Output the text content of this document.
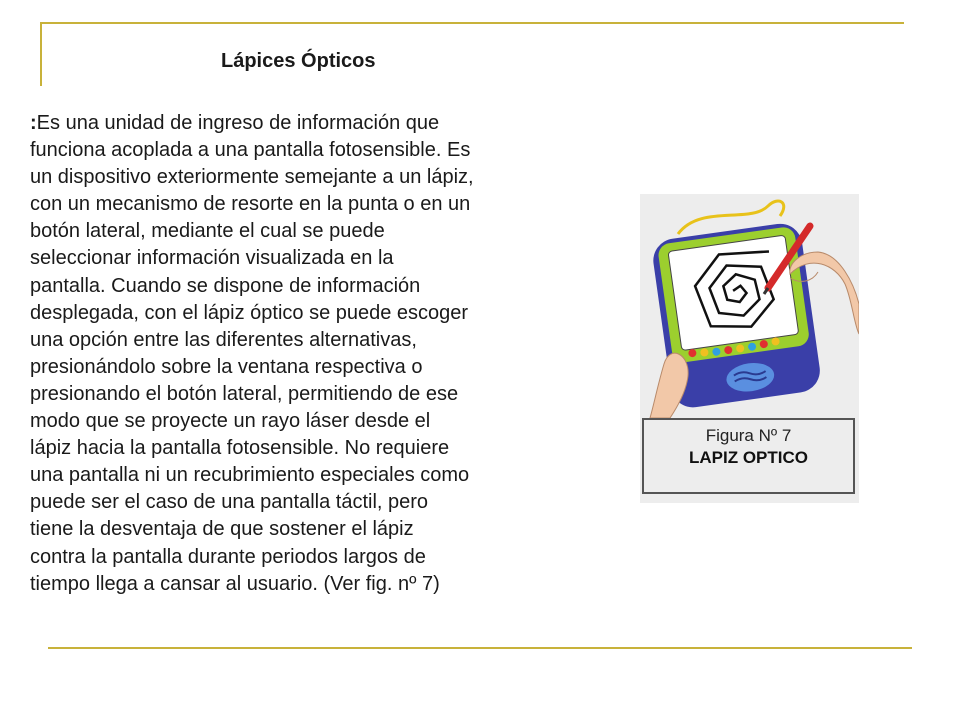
Lápices Ópticos

:Es una unidad de ingreso de información que
funciona acoplada a una pantalla fotosensible. Es
un dispositivo exteriormente semejante a un lápiz,
con un mecanismo de resorte en la punta o en un
botón lateral, mediante el cual se puede
seleccionar información visualizada en la
pantalla. Cuando se dispone de información
desplegada, con el lápiz óptico se puede escoger
una opción entre las diferentes alternativas,
presionándolo sobre la ventana respectiva o
presionando el botón lateral, permitiendo de ese
modo que se proyecte un rayo láser desde el
lápiz hacia la pantalla fotosensible. No requiere
una pantalla ni un recubrimiento especiales como
puede ser el caso de una pantalla táctil, pero
tiene la desventaja de que sostener el lápiz
contra la pantalla durante periodos largos de
tiempo llega a cansar al usuario. (Ver fig. nº 7)

Figura Nº 7
LAPIZ OPTICO
